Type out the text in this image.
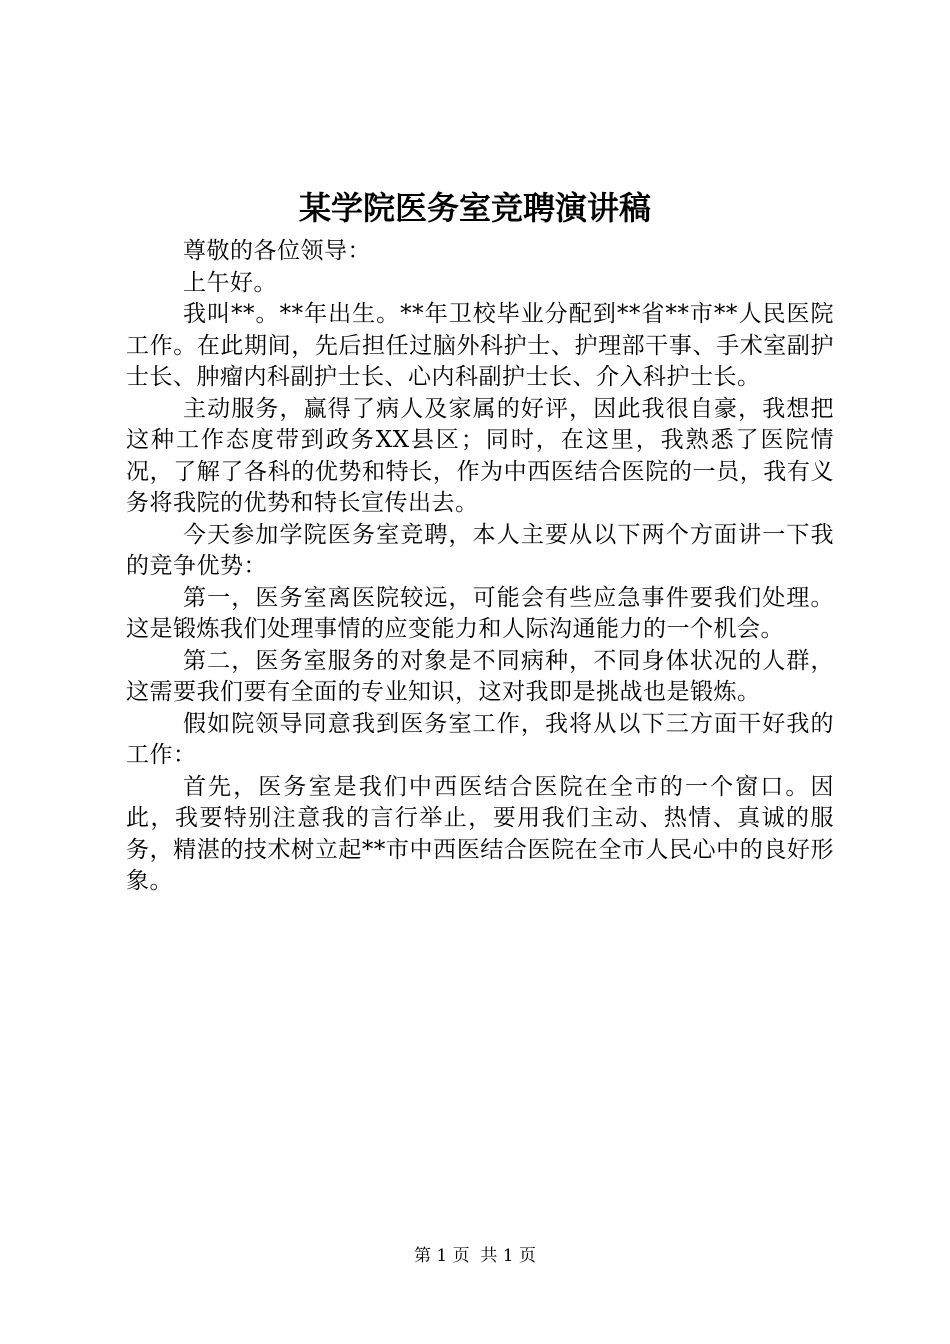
某学院医务室竞聘演讲稿

尊敬的各位领导：

上午好。

我叫**。**年出生。**年卫校毕业分配到**省**市**人民医院工作。在此期间，先后担任过脑外科护士、护理部干事、手术室副护士长、肿瘤内科副护士长、心内科副护士长、介入科护士长。

主动服务，赢得了病人及家属的好评，因此我很自豪，我想把这种工作态度带到政务XX县区；同时，在这里，我熟悉了医院情况，了解了各科的优势和特长，作为中西医结合医院的一员，我有义务将我院的优势和特长宣传出去。

今天参加学院医务室竞聘，本人主要从以下两个方面讲一下我的竞争优势：

第一，医务室离医院较远，可能会有些应急事件要我们处理。这是锻炼我们处理事情的应变能力和人际沟通能力的一个机会。

第二，医务室服务的对象是不同病种，不同身体状况的人群，这需要我们要有全面的专业知识，这对我即是挑战也是锻炼。

假如院领导同意我到医务室工作，我将从以下三方面干好我的工作：

首先，医务室是我们中西医结合医院在全市的一个窗口。因此，我要特别注意我的言行举止，要用我们主动、热情、真诚的服务，精湛的技术树立起**市中西医结合医院在全市人民心中的良好形象。

第 1 页  共 1 页
